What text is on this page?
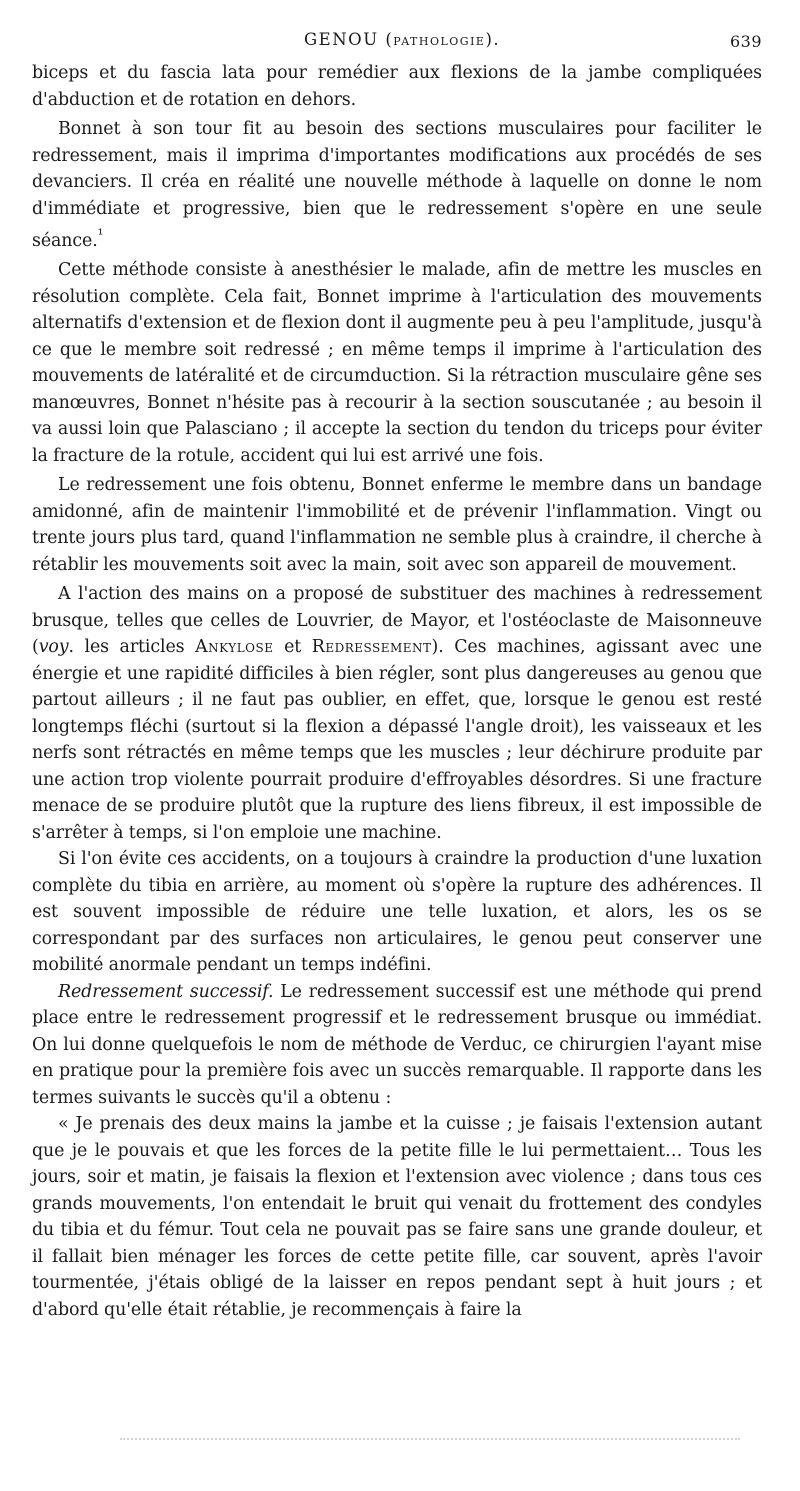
GENOU (PATHOLOGIE).	639

biceps et du fascia lata pour remédier aux flexions de la jambe compliquées d'abduction et de rotation en dehors.

Bonnet à son tour fit au besoin des sections musculaires pour faciliter le redressement, mais il imprima d'importantes modifications aux procédés de ses devanciers. Il créa en réalité une nouvelle méthode à laquelle on donne le nom d'immédiate et progressive, bien que le redressement s'opère en une seule séance.$^{^1}$

Cette méthode consiste à anesthésier le malade, afin de mettre les muscles en résolution complète. Cela fait, Bonnet imprime à l'articulation des mouvements alternatifs d'extension et de flexion dont il augmente peu à peu l'amplitude, jusqu'à ce que le membre soit redressé ; en même temps il imprime à l'articulation des mouvements de latéralité et de circumduction. Si la rétraction musculaire gêne ses manœuvres, Bonnet n'hésite pas à recourir à la section souscutanée ; au besoin il va aussi loin que Palasciano ; il accepte la section du tendon du triceps pour éviter la fracture de la rotule, accident qui lui est arrivé une fois.

Le redressement une fois obtenu, Bonnet enferme le membre dans un bandage amidonné, afin de maintenir l'immobilité et de prévenir l'inflammation. Vingt ou trente jours plus tard, quand l'inflammation ne semble plus à craindre, il cherche à rétablir les mouvements soit avec la main, soit avec son appareil de mouvement.

A l'action des mains on a proposé de substituer des machines à redressement brusque, telles que celles de Louvrier, de Mayor, et l'ostéoclaste de Maisonneuve (voy. les articles Ankylose et Redressement). Ces machines, agissant avec une énergie et une rapidité difficiles à bien régler, sont plus dangereuses au genou que partout ailleurs ; il ne faut pas oublier, en effet, que, lorsque le genou est resté longtemps fléchi (surtout si la flexion a dépassé l'angle droit), les vaisseaux et les nerfs sont rétractés en même temps que les muscles ; leur déchirure produite par une action trop violente pourrait produire d'effroyables désordres. Si une fracture menace de se produire plutôt que la rupture des liens fibreux, il est impossible de s'arrêter à temps, si l'on emploie une machine.

Si l'on évite ces accidents, on a toujours à craindre la production d'une luxation complète du tibia en arrière, au moment où s'opère la rupture des adhérences. Il est souvent impossible de réduire une telle luxation, et alors, les os se correspondant par des surfaces non articulaires, le genou peut conserver une mobilité anormale pendant un temps indéfini.

Redressement successif. Le redressement successif est une méthode qui prend place entre le redressement progressif et le redressement brusque ou immédiat. On lui donne quelquefois le nom de méthode de Verduc, ce chirurgien l'ayant mise en pratique pour la première fois avec un succès remarquable. Il rapporte dans les termes suivants le succès qu'il a obtenu :

« Je prenais des deux mains la jambe et la cuisse ; je faisais l'extension autant que je le pouvais et que les forces de la petite fille le lui permettaient… Tous les jours, soir et matin, je faisais la flexion et l'extension avec violence ; dans tous ces grands mouvements, l'on entendait le bruit qui venait du frottement des condyles du tibia et du fémur. Tout cela ne pouvait pas se faire sans une grande douleur, et il fallait bien ménager les forces de cette petite fille, car souvent, après l'avoir tourmentée, j'étais obligé de la laisser en repos pendant sept à huit jours ; et d'abord qu'elle était rétablie, je recommençais à faire la
